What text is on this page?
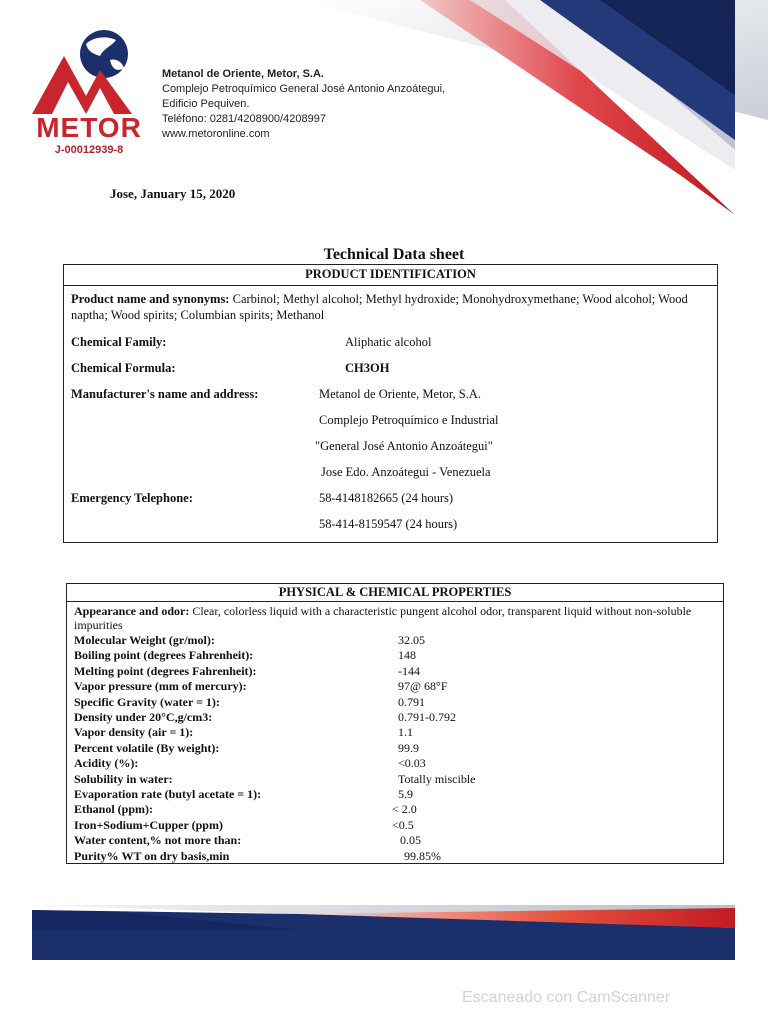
METOR
J-00012939-8
Metanol de Oriente, Metor, S.A.
Complejo Petroquímico General José Antonio Anzoátegui,
Edificio Pequiven.
Teléfono: 0281/4208900/4208997
www.metoronline.com
Jose, January 15, 2020
Technical Data sheet
PRODUCT IDENTIFICATION
Product name and synonyms: Carbinol; Methyl alcohol; Methyl hydroxide; Monohydroxymethane; Wood alcohol; Wood naptha; Wood spirits; Columbian spirits; Methanol
Chemical Family:	Aliphatic alcohol
Chemical Formula:	CH3OH
Manufacturer's name and address:	Metanol de Oriente, Metor, S.A.
Complejo Petroquímico e Industrial
"General José Antonio Anzoátegui"
Jose Edo. Anzoátegui - Venezuela
Emergency Telephone:	58-4148182665 (24 hours)
58-414-8159547 (24 hours)
PHYSICAL & CHEMICAL PROPERTIES
Appearance and odor: Clear, colorless liquid with a characteristic pungent alcohol odor, transparent liquid without non-soluble impurities
Molecular Weight (gr/mol):	32.05
Boiling point (degrees Fahrenheit):	148
Melting point (degrees Fahrenheit):	-144
Vapor pressure (mm of mercury):	97@ 68°F
Specific Gravity (water = 1):	0.791
Density under 20°C,g/cm3:	0.791-0.792
Vapor density (air = 1):	1.1
Percent volatile (By weight):	99.9
Acidity (%):	<0.03
Solubility in water:	Totally miscible
Evaporation rate (butyl acetate = 1):	5.9
Ethanol (ppm):	< 2.0
Iron+Sodium+Cupper (ppm)	<0.5
Water content,% not more than:	0.05
Purity% WT on dry basis,min	99.85%
Escaneado con CamScanner
